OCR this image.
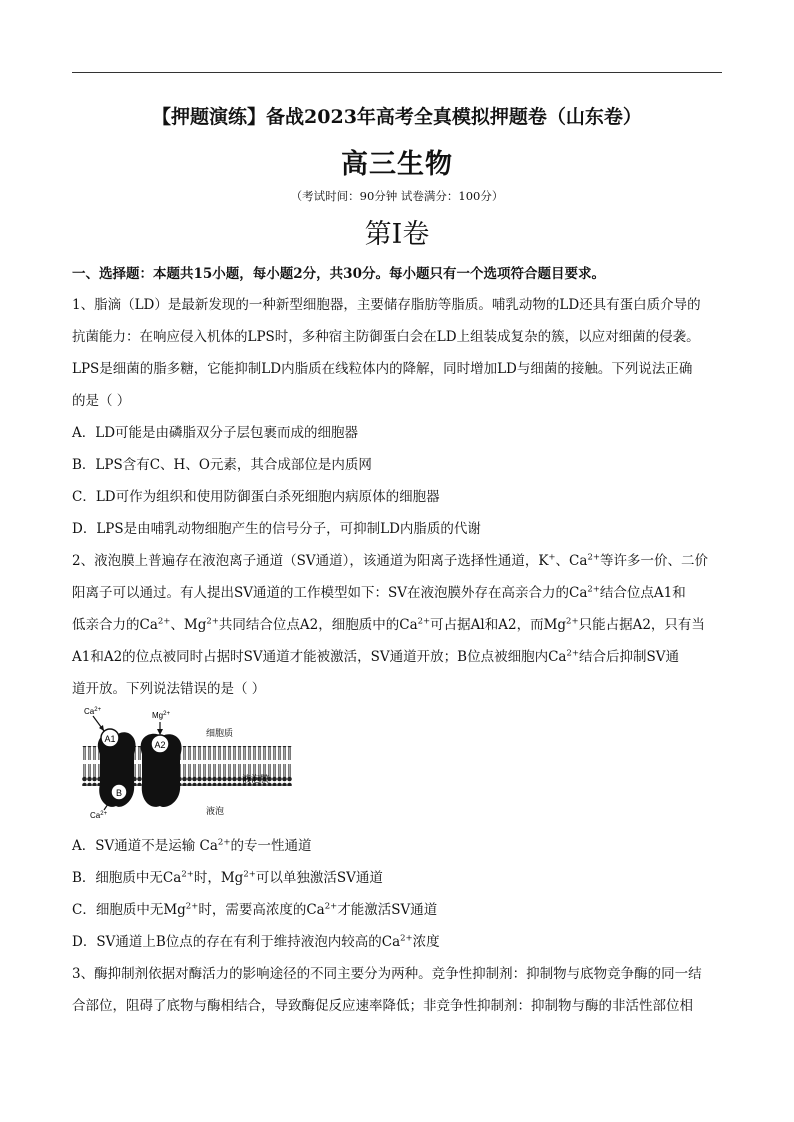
【押题演练】备战2023年高考全真模拟押题卷（山东卷）
高三生物
（考试时间：90分钟 试卷满分：100分）
第I卷
一、选择题：本题共15小题，每小题2分，共30分。每小题只有一个选项符合题目要求。
1、脂滴（LD）是最新发现的一种新型细胞器，主要储存脂肪等脂质。哺乳动物的LD还具有蛋白质介导的
抗菌能力：在响应侵入机体的LPS时，多种宿主防御蛋白会在LD上组装成复杂的簇，以应对细菌的侵袭。
LPS是细菌的脂多糖，它能抑制LD内脂质在线粒体内的降解，同时增加LD与细菌的接触。下列说法正确
的是（ ）
A．LD可能是由磷脂双分子层包裹而成的细胞器
B．LPS含有C、H、O元素，其合成部位是内质网
C．LD可作为组织和使用防御蛋白杀死细胞内病原体的细胞器
D．LPS是由哺乳动物细胞产生的信号分子，可抑制LD内脂质的代谢
2、液泡膜上普遍存在液泡离子通道（SV通道），该通道为阳离子选择性通道，K+、$Ca^{2+}$等许多一价、二价
阳离子可以通过。有人提出SV通道的工作模型如下：SV在液泡膜外存在高亲合力的$Ca^{2+}$结合位点A1和
低亲合力的$Ca^{2+}$、$Mg^{2+}$共同结合位点A2，细胞质中的$Ca^{2+}$可占据Al和A2，而$Mg^{2+}$只能占据A2，只有当
A1和A2的位点被同时占据时SV通道才能被激活，SV通道开放；B位点被细胞内$Ca^{2+}$结合后抑制SV通
道开放。下列说法错误的是（ ）
A1
A2
B
$Ca^{2+}$
$Mg^{2+}$
$Ca^{2+}$
细胞质
液泡膜
液泡
A．SV通道不是运输 $Ca^{2+}$的专一性通道
B．细胞质中无$Ca^{2+}$时，$Mg^{2+}$可以单独激活SV通道
C．细胞质中无$Mg^{2+}$时，需要高浓度的$Ca^{2+}$才能激活SV通道
D．SV通道上B位点的存在有利于维持液泡内较高的$Ca^{2+}$浓度
3、酶抑制剂依据对酶活力的影响途径的不同主要分为两种。竞争性抑制剂：抑制物与底物竞争酶的同一结
合部位，阻碍了底物与酶相结合，导致酶促反应速率降低；非竞争性抑制剂：抑制物与酶的非活性部位相
